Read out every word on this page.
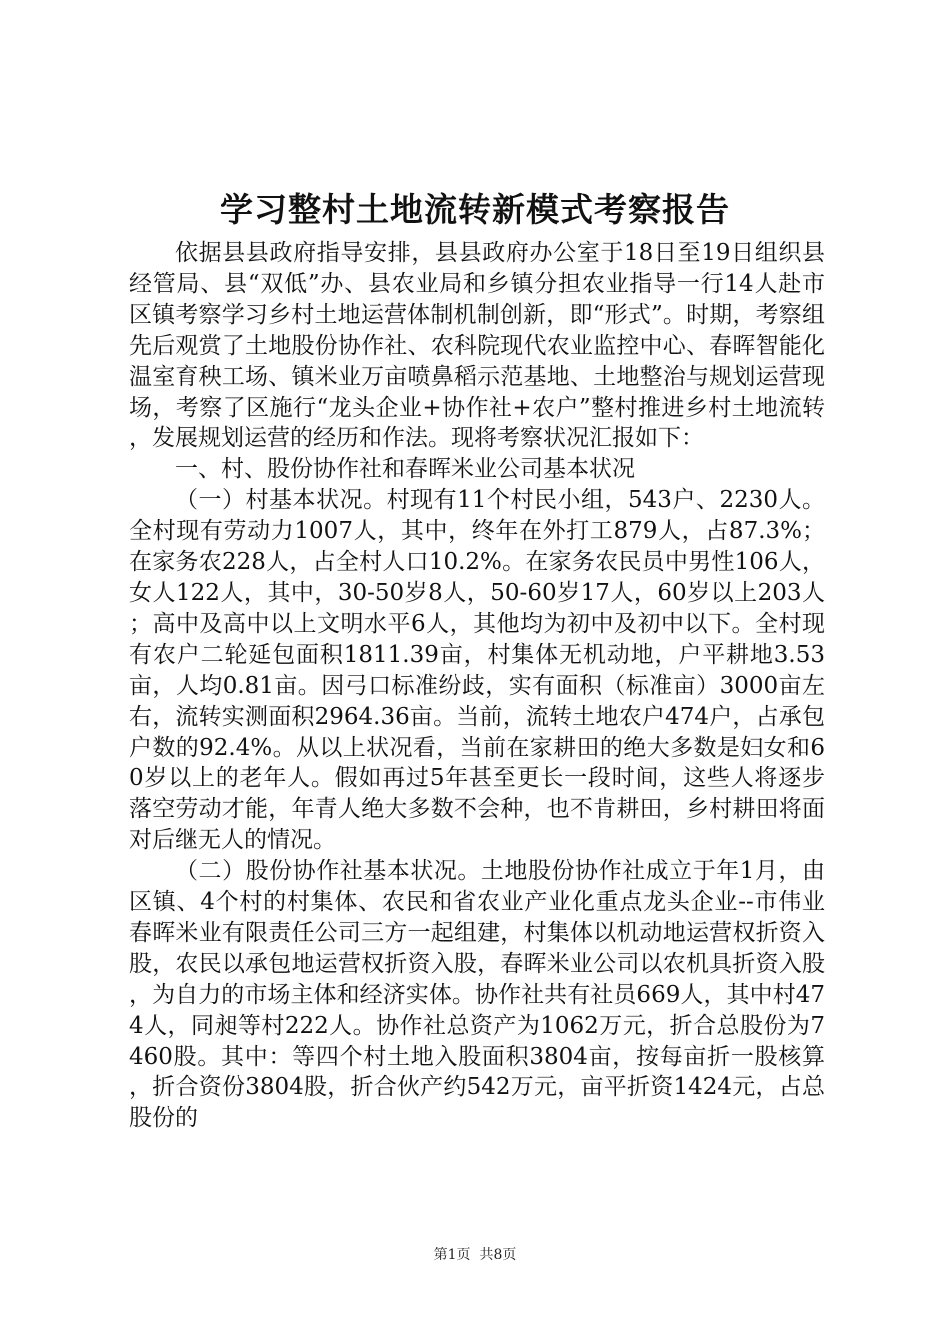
学习整村土地流转新模式考察报告

依据县县政府指导安排，县县政府办公室于18日至19日组织县经管局、县“双低”办、县农业局和乡镇分担农业指导一行14人赴市区镇考察学习乡村土地运营体制机制创新，即“形式”。时期，考察组先后观赏了土地股份协作社、农科院现代农业监控中心、春晖智能化温室育秧工场、镇米业万亩喷鼻稻示范基地、土地整治与规划运营现场，考察了区施行“龙头企业+协作社+农户”整村推进乡村土地流转，发展规划运营的经历和作法。现将考察状况汇报如下：

一、村、股份协作社和春晖米业公司基本状况

（一）村基本状况。村现有11个村民小组，543户、2230人。全村现有劳动力1007人，其中，终年在外打工879人，占87.3%；在家务农228人，占全村人口10.2%。在家务农民员中男性106人，女人122人，其中，30-50岁8人，50-60岁17人，60岁以上203人；高中及高中以上文明水平6人，其他均为初中及初中以下。全村现有农户二轮延包面积1811.39亩，村集体无机动地，户平耕地3.53亩，人均0.81亩。因弓口标准纷歧，实有面积（标准亩）3000亩左右，流转实测面积2964.36亩。当前，流转土地农户474户，占承包户数的92.4%。从以上状况看，当前在家耕田的绝大多数是妇女和60岁以上的老年人。假如再过5年甚至更长一段时间，这些人将逐步落空劳动才能，年青人绝大多数不会种，也不肯耕田，乡村耕田将面对后继无人的情况。

（二）股份协作社基本状况。土地股份协作社成立于年1月，由区镇、4个村的村集体、农民和省农业产业化重点龙头企业--市伟业春晖米业有限责任公司三方一起组建，村集体以机动地运营权折资入股，农民以承包地运营权折资入股，春晖米业公司以农机具折资入股，为自力的市场主体和经济实体。协作社共有社员669人，其中村474人，同昶等村222人。协作社总资产为1062万元，折合总股份为7460股。其中：等四个村土地入股面积3804亩，按每亩折一股核算，折合资份3804股，折合伙产约542万元，亩平折资1424元，占总股份的

第1页  共8页
